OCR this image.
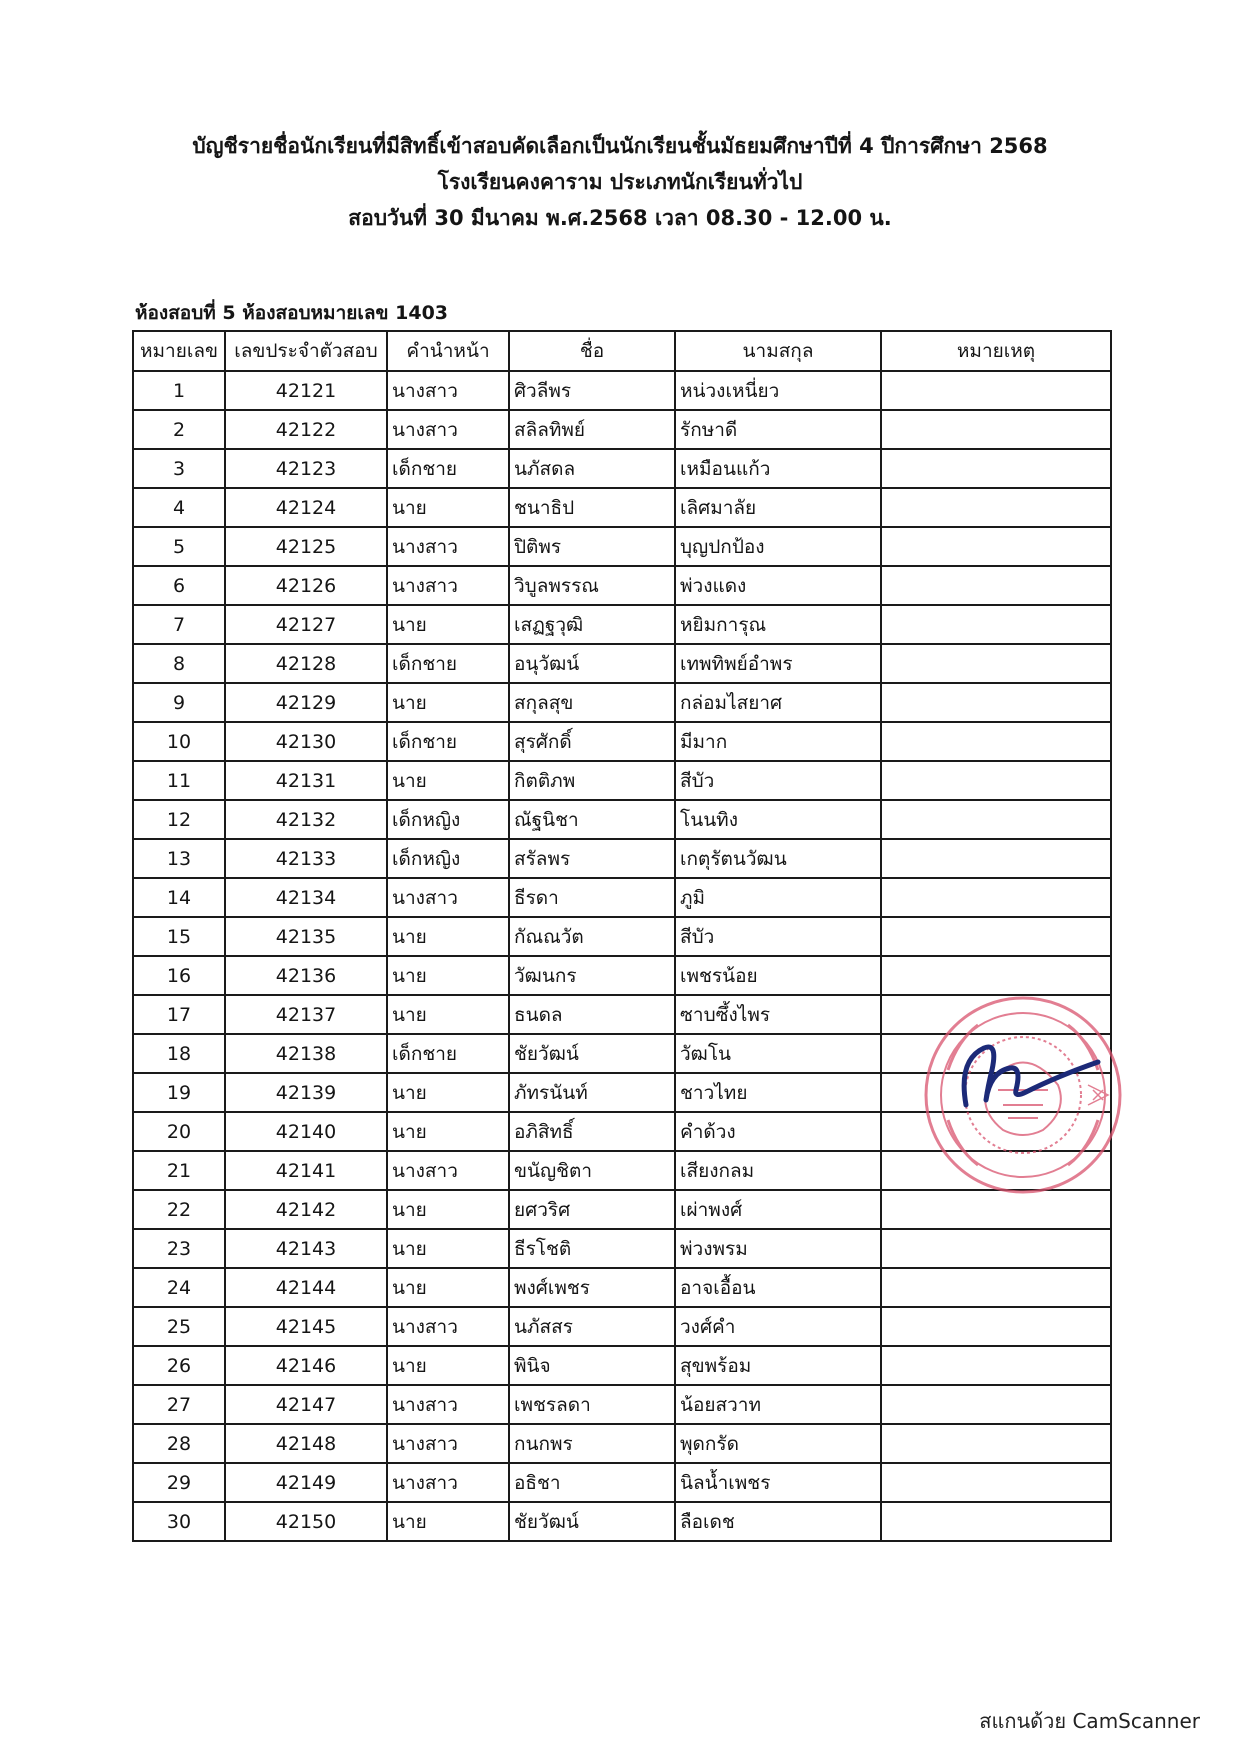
บัญชีรายชื่อนักเรียนที่มีสิทธิ์เข้าสอบคัดเลือกเป็นนักเรียนชั้นมัธยมศึกษาปีที่ 4 ปีการศึกษา 2568
โรงเรียนคงคาราม ประเภทนักเรียนทั่วไป
สอบวันที่ 30 มีนาคม พ.ศ.2568 เวลา 08.30 - 12.00 น.
ห้องสอบที่ 5 ห้องสอบหมายเลข 1403
หมายเลข	เลขประจำตัวสอบ	คำนำหน้า	ชื่อ	นามสกุล	หมายเหตุ
1	42121	นางสาว	ศิวลีพร	หน่วงเหนี่ยว	
2	42122	นางสาว	สลิลทิพย์	รักษาดี	
3	42123	เด็กชาย	นภัสดล	เหมือนแก้ว	
4	42124	นาย	ชนาธิป	เลิศมาลัย	
5	42125	นางสาว	ปิติพร	บุญปกป้อง	
6	42126	นางสาว	วิบูลพรรณ	พ่วงแดง	
7	42127	นาย	เสฏฐวุฒิ	หยิมการุณ	
8	42128	เด็กชาย	อนุวัฒน์	เทพทิพย์อำพร	
9	42129	นาย	สกุลสุข	กล่อมไสยาศ	
10	42130	เด็กชาย	สุรศักดิ์	มีมาก	
11	42131	นาย	กิตติภพ	สีบัว	
12	42132	เด็กหญิง	ณัฐนิชา	โนนทิง	
13	42133	เด็กหญิง	สรัลพร	เกตุรัตนวัฒน	
14	42134	นางสาว	ธีรดา	ภูมิ	
15	42135	นาย	กัณณวัต	สีบัว	
16	42136	นาย	วัฒนกร	เพชรน้อย	
17	42137	นาย	ธนดล	ซาบซึ้งไพร	
18	42138	เด็กชาย	ชัยวัฒน์	วัฒโน	
19	42139	นาย	ภัทรนันท์	ชาวไทย	
20	42140	นาย	อภิสิทธิ์	คำด้วง	
21	42141	นางสาว	ขนัญชิตา	เสียงกลม	
22	42142	นาย	ยศวริศ	เผ่าพงศ์	
23	42143	นาย	ธีรโชติ	พ่วงพรม	
24	42144	นาย	พงศ์เพชร	อาจเอื้อน	
25	42145	นางสาว	นภัสสร	วงศ์คำ	
26	42146	นาย	พินิจ	สุขพร้อม	
27	42147	นางสาว	เพชรลดา	น้อยสวาท	
28	42148	นางสาว	กนกพร	พุดกรัด	
29	42149	นางสาว	อธิชา	นิลน้ำเพชร	
30	42150	นาย	ชัยวัฒน์	ลือเดช	
สแกนด้วย CamScanner
